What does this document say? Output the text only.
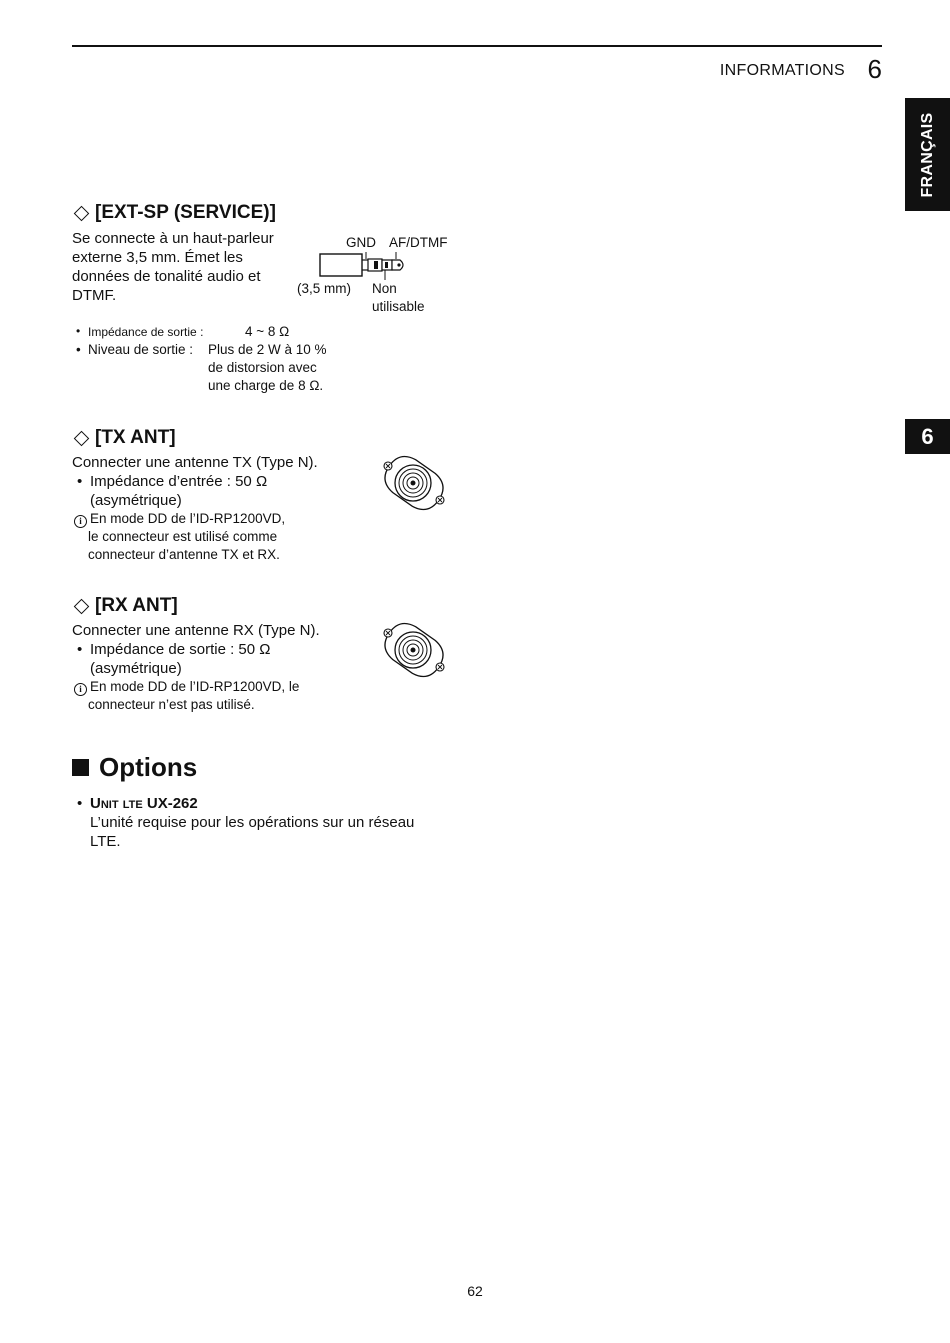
INFORMATIONS 6
FRANÇAIS
6
[EXT-SP (SERVICE)]
Se connecte à un haut-parleur
externe 3,5 mm. Émet les
données de tonalité audio et
DTMF.
GND AF/DTMF
(3,5 mm) Non
utilisable
• Impédance de sortie :	4 ~ 8 Ω
• Niveau de sortie : Plus de 2 W à 10 %
de distorsion avec
une charge de 8 Ω.
[TX ANT]
Connecter une antenne TX (Type N).
• Impédance d’entrée : 50 Ω
(asymétrique)
i En mode DD de l’ID-RP1200VD,
le connecteur est utilisé comme
connecteur d’antenne TX et RX.
[RX ANT]
Connecter une antenne RX (Type N).
• Impédance de sortie : 50 Ω
(asymétrique)
i En mode DD de l’ID-RP1200VD, le
connecteur n’est pas utilisé.
Options
• Unit lte UX-262
L’unité requise pour les opérations sur un réseau
LTE.
62
